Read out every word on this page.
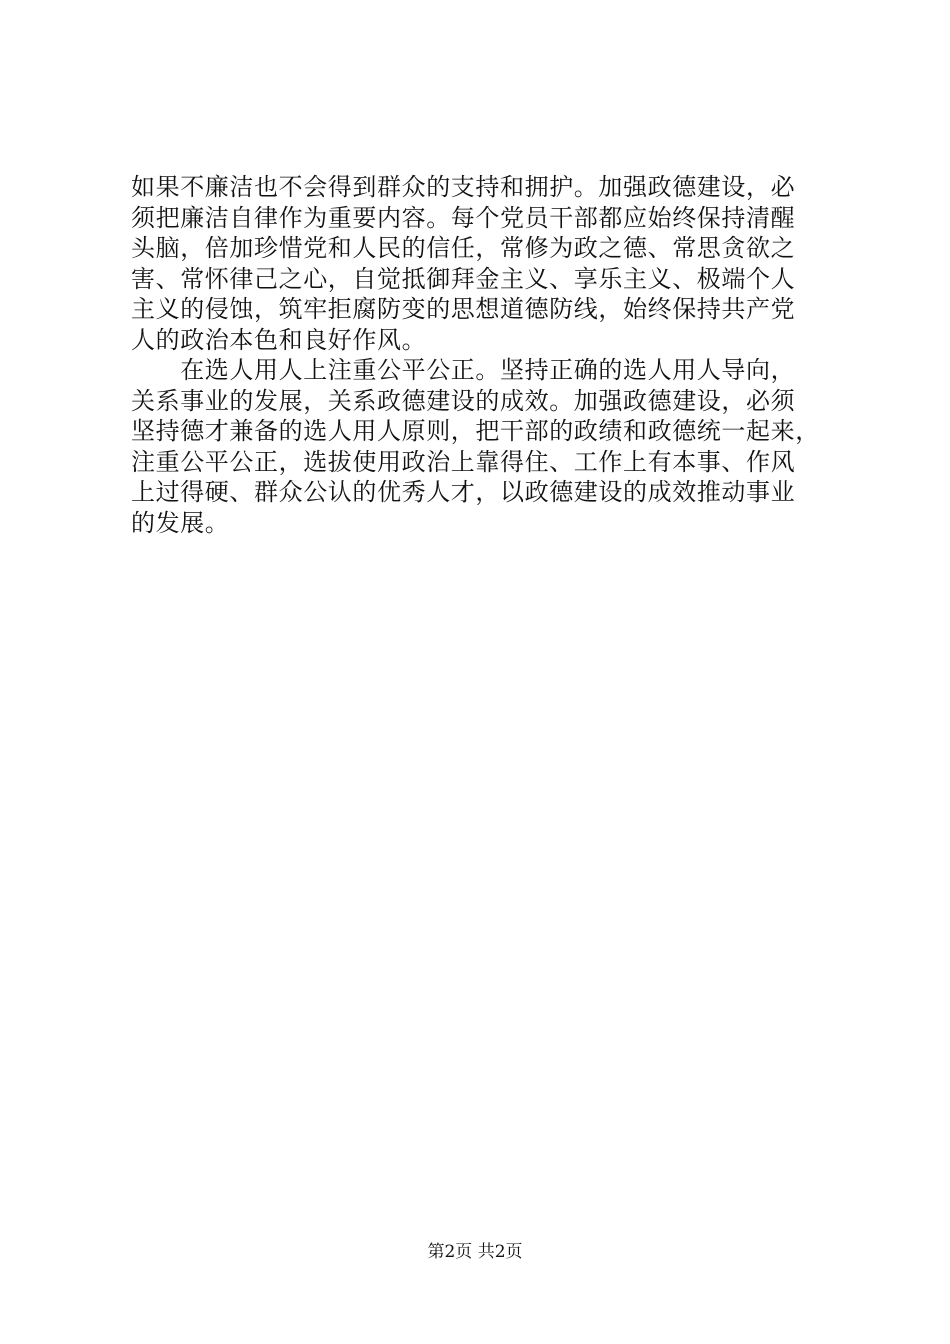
如果不廉洁也不会得到群众的支持和拥护。加强政德建设，必
须把廉洁自律作为重要内容。每个党员干部都应始终保持清醒
头脑，倍加珍惜党和人民的信任，常修为政之德、常思贪欲之
害、常怀律己之心，自觉抵御拜金主义、享乐主义、极端个人
主义的侵蚀，筑牢拒腐防变的思想道德防线，始终保持共产党
人的政治本色和良好作风。
　　在选人用人上注重公平公正。坚持正确的选人用人导向，
关系事业的发展，关系政德建设的成效。加强政德建设，必须
坚持德才兼备的选人用人原则，把干部的政绩和政德统一起来，
注重公平公正，选拔使用政治上靠得住、工作上有本事、作风
上过得硬、群众公认的优秀人才，以政德建设的成效推动事业
的发展。
第2页 共2页
